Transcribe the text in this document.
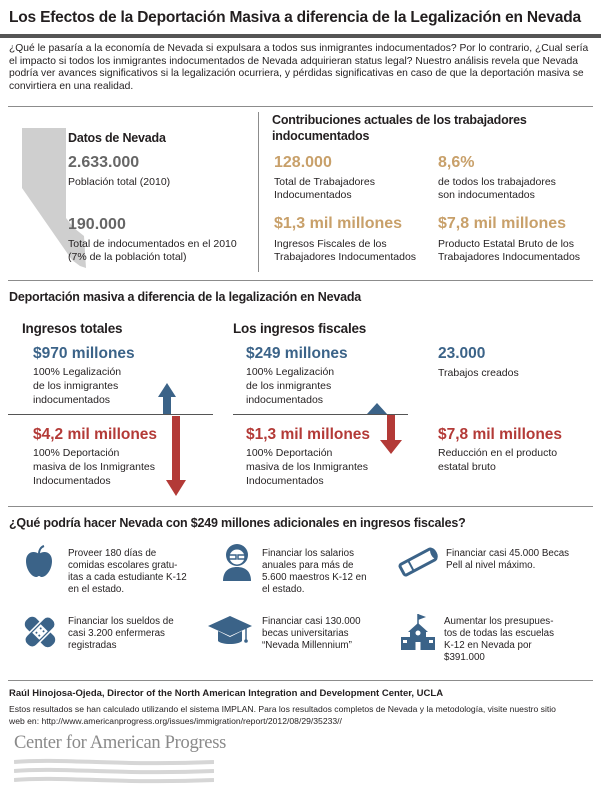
Los Efectos de la Deportación Masiva a diferencia de la Legalización en Nevada
¿Qué le pasaría a la economía de Nevada si expulsara a todos sus inmigrantes indocumentados? Por lo contrario, ¿Cual sería el impacto si todos los inmigrantes indocumentados de Nevada adquirieran status legal? Nuestro análisis revela que Nevada podría ver avances significativos si la legalización ocurriera, y pérdidas significativas en caso de que la deportación masiva se convirtiera en una realidad.
Datos de Nevada
2.633.000
Población total (2010)
190.000
Total de indocumentados en el 2010
(7% de la población total)
Contribuciones actuales de los trabajadores
indocumentados
128.000
Total de Trabajadores
Indocumentados
8,6%
de todos los trabajadores
son indocumentados
$1,3 mil millones
Ingresos Fiscales de los
Trabajadores Indocumentados
$7,8 mil millones
Producto Estatal Bruto de los
Trabajadores Indocumentados
Deportación masiva a diferencia de la legalización en Nevada
Ingresos totales
$970 millones
100% Legalización
de los inmigrantes
indocumentados
$4,2 mil millones
100% Deportación
masiva de los Inmigrantes
Indocumentados
Los ingresos fiscales
$249 millones
100% Legalización
de los inmigrantes
indocumentados
$1,3 mil millones
100% Deportación
masiva de los Inmigrantes
Indocumentados
23.000
Trabajos creados
$7,8 mil millones
Reducción en el producto
estatal bruto
¿Qué podría hacer Nevada con $249 millones adicionales en ingresos fiscales?
Proveer 180 días de
comidas escolares gratu-
itas a cada estudiante K-12
en el estado.
Financiar los salarios
anuales para más de
5.600 maestros K-12 en
el estado.
Financiar casi 45.000 Becas
Pell al nivel máximo.
Financiar los sueldos de
casi 3.200 enfermeras
registradas
Financiar casi 130.000
becas universitarias
“Nevada Millennium”
Aumentar los presupues-
tos de todas las escuelas
K-12 en Nevada por
$391.000
Raúl Hinojosa-Ojeda, Director of the North American Integration and Development Center, UCLA
Estos resultados se han calculado utilizando el sistema IMPLAN. Para los resultados completos de Nevada y la metodología, visite nuestro sitio
web en: http://www.americanprogress.org/issues/immigration/report/2012/08/29/35233//
Center for American Progress
